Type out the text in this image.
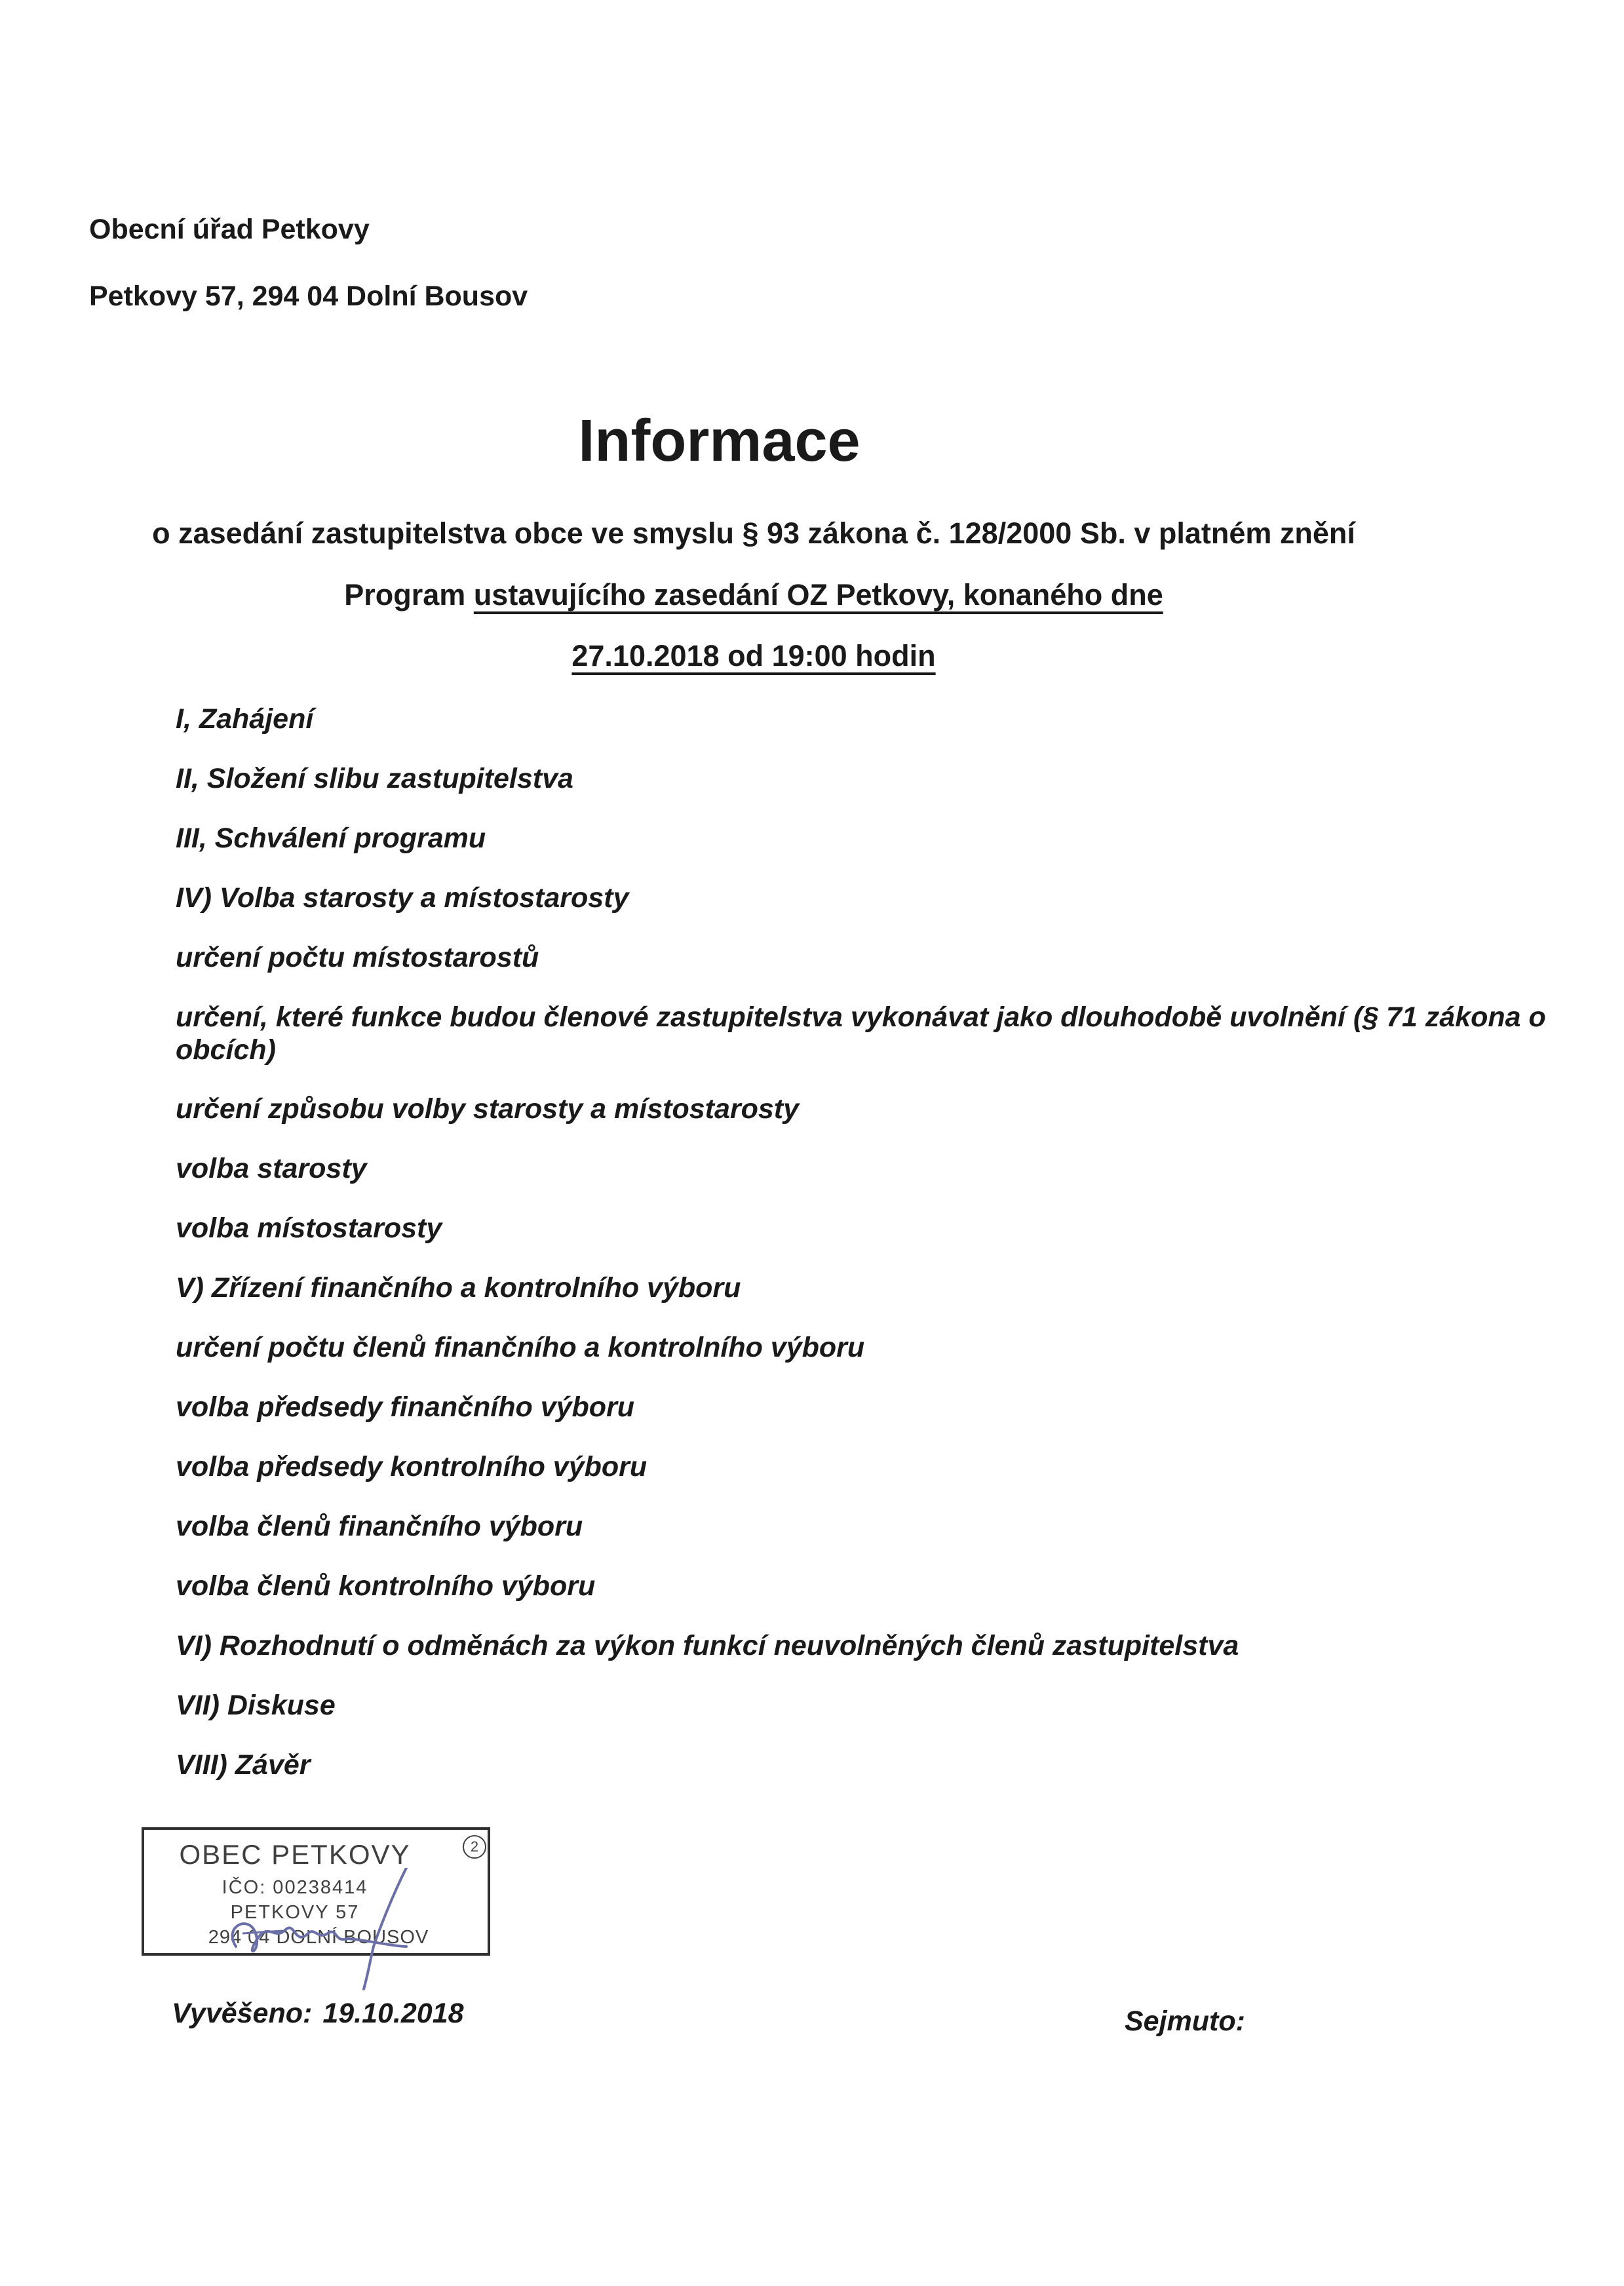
Obecní úřad Petkovy
Petkovy 57, 294 04 Dolní Bousov
Informace
o zasedání zastupitelstva obce ve smyslu § 93 zákona č. 128/2000 Sb. v platném znění
Program ustavujícího zasedání OZ Petkovy, konaného dne
27.10.2018 od 19:00 hodin
I, Zahájení
II, Složení slibu zastupitelstva
III, Schválení programu
IV) Volba starosty a místostarosty
určení počtu místostarostů
určení, které funkce budou členové zastupitelstva vykonávat jako dlouhodobě uvolnění (§ 71 zákona o obcích)
určení způsobu volby starosty a místostarosty
volba starosty
volba místostarosty
V) Zřízení finančního a kontrolního výboru
určení počtu členů finančního a kontrolního výboru
volba předsedy finančního výboru
volba předsedy kontrolního výboru
volba členů finančního výboru
volba členů kontrolního výboru
VI) Rozhodnutí o odměnách za výkon funkcí neuvolněných členů zastupitelstva
VII) Diskuse
VIII) Závěr
OBEC PETKOVY	2
IČO: 00238414
PETKOVY 57
294 04 DOLNÍ BOUSOV
Vyvěšeno: 19.10.2018	Sejmuto:
